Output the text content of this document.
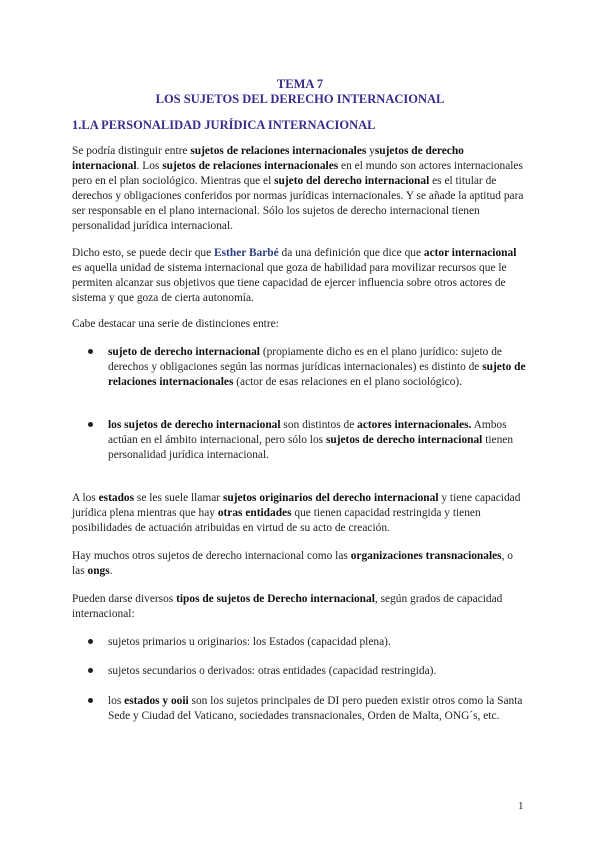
TEMA 7
LOS SUJETOS DEL DERECHO INTERNACIONAL
1.LA PERSONALIDAD JURÍDICA INTERNACIONAL

Se podría distinguir entre sujetos de relaciones internacionales ysujetos de derecho internacional. Los sujetos de relaciones internacionales en el mundo son actores internacionales pero en el plan sociológico. Mientras que el sujeto del derecho internacional es el titular de derechos y obligaciones conferidos por normas jurídicas internacionales. Y se añade la aptitud para ser responsable en el plano internacional. Sólo los sujetos de derecho internacional tienen personalidad jurídica internacional.

Dicho esto, se puede decir que Esther Barbé da una definición que dice que actor internacional es aquella unidad de sistema internacional que goza de habilidad para movilizar recursos que le permiten alcanzar sus objetivos que tiene capacidad de ejercer influencia sobre otros actores de sistema y que goza de cierta autonomía.

Cabe destacar una serie de distinciones entre:

sujeto de derecho internacional (propiamente dicho es en el plano jurídico: sujeto de derechos y obligaciones según las normas jurídicas internacionales) es distinto de sujeto de relaciones internacionales (actor de esas relaciones en el plano sociológico).
los sujetos de derecho internacional son distintos de actores internacionales. Ambos actúan en el ámbito internacional, pero sólo los sujetos de derecho internacional tienen personalidad jurídica internacional.

A los estados se les suele llamar sujetos originarios del derecho internacional y tiene capacidad jurídica plena mientras que hay otras entidades que tienen capacidad restringida y tienen posibilidades de actuación atribuidas en virtud de su acto de creación.

Hay muchos otros sujetos de derecho internacional como las organizaciones transnacionales, o las ongs.

Pueden darse diversos tipos de sujetos de Derecho internacional, según grados de capacidad internacional:

sujetos primarios u originarios: los Estados (capacidad plena).
sujetos secundarios o derivados: otras entidades (capacidad restringida).
los estados y ooii son los sujetos principales de DI pero pueden existir otros como la Santa Sede y Ciudad del Vaticano, sociedades transnacionales, Orden de Malta, ONG´s, etc.
1
